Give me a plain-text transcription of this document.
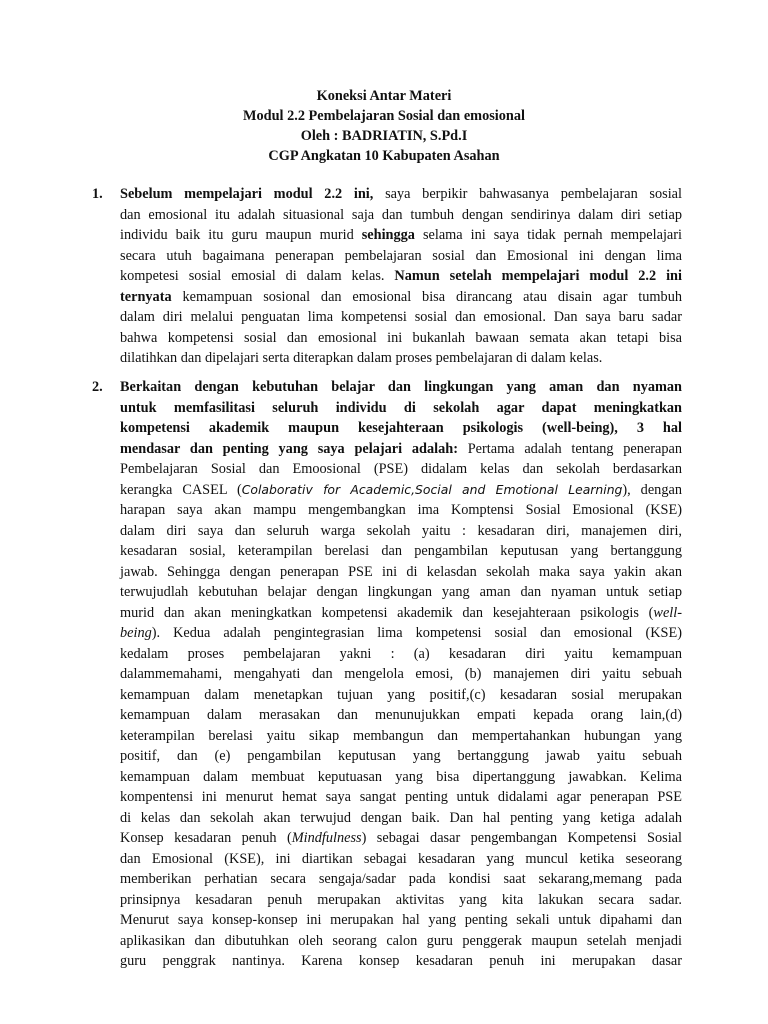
Koneksi Antar Materi
Modul 2.2 Pembelajaran Sosial dan emosional
Oleh : BADRIATIN, S.Pd.I
CGP Angkatan 10 Kabupaten Asahan
1.	Sebelum mempelajari modul 2.2 ini, saya berpikir bahwasanya pembelajaran sosial
dan emosional itu adalah situasional saja dan tumbuh dengan sendirinya dalam diri setiap
individu baik itu guru maupun murid sehingga selama ini saya tidak pernah mempelajari
secara utuh bagaimana penerapan pembelajaran sosial dan Emosional ini dengan lima
kompetesi sosial emosial di dalam kelas. Namun setelah mempelajari modul 2.2 ini
ternyata kemampuan sosional dan emosional bisa dirancang atau disain agar tumbuh
dalam diri melalui penguatan lima kompetensi sosial dan emosional. Dan saya baru sadar
bahwa kompetensi sosial dan emosional ini bukanlah bawaan semata akan tetapi bisa
dilatihkan dan dipelajari serta diterapkan dalam proses pembelajaran di dalam kelas.
2.	Berkaitan dengan kebutuhan belajar dan lingkungan yang aman dan nyaman
untuk memfasilitasi seluruh individu di sekolah agar dapat meningkatkan
kompetensi akademik maupun kesejahteraan psikologis (well-being), 3 hal
mendasar dan penting yang saya pelajari adalah: Pertama adalah tentang penerapan
Pembelajaran Sosial dan Emoosional (PSE) didalam kelas dan sekolah berdasarkan
kerangka CASEL (Colaborativ for Academic,Social and Emotional Learning), dengan
harapan saya akan mampu mengembangkan ima Komptensi Sosial Emosional (KSE)
dalam diri saya dan seluruh warga sekolah yaitu : kesadaran diri, manajemen diri,
kesadaran sosial, keterampilan berelasi dan pengambilan keputusan yang bertanggung
jawab. Sehingga dengan penerapan PSE ini di kelasdan sekolah maka saya yakin akan
terwujudlah kebutuhan belajar dengan lingkungan yang aman dan nyaman untuk setiap
murid dan akan meningkatkan kompetensi akademik dan kesejahteraan psikologis (well-
being). Kedua adalah pengintegrasian lima kompetensi sosial dan emosional (KSE)
kedalam proses pembelajaran yakni : (a) kesadaran diri yaitu kemampuan
dalammemahami, mengahyati dan mengelola emosi, (b) manajemen diri yaitu sebuah
kemampuan dalam menetapkan tujuan yang positif,(c) kesadaran sosial merupakan
kemampuan dalam merasakan dan menunujukkan empati kepada orang lain,(d)
keterampilan berelasi yaitu sikap membangun dan mempertahankan hubungan yang
positif, dan (e) pengambilan keputusan yang bertanggung jawab yaitu sebuah
kemampuan dalam membuat keputuasan yang bisa dipertanggung jawabkan. Kelima
kompentensi ini menurut hemat saya sangat penting untuk didalami agar penerapan PSE
di kelas dan sekolah akan terwujud dengan baik. Dan hal penting yang ketiga adalah
Konsep kesadaran penuh (Mindfulness) sebagai dasar pengembangan Kompetensi Sosial
dan Emosional (KSE), ini diartikan sebagai kesadaran yang muncul ketika seseorang
memberikan perhatian secara sengaja/sadar pada kondisi saat sekarang,memang pada
prinsipnya kesadaran penuh merupakan aktivitas yang kita lakukan secara sadar.
Menurut saya konsep-konsep ini merupakan hal yang penting sekali untuk dipahami dan
aplikasikan dan dibutuhkan oleh seorang calon guru penggerak maupun setelah menjadi
guru penggrak nantinya. Karena konsep kesadaran penuh ini merupakan dasar
